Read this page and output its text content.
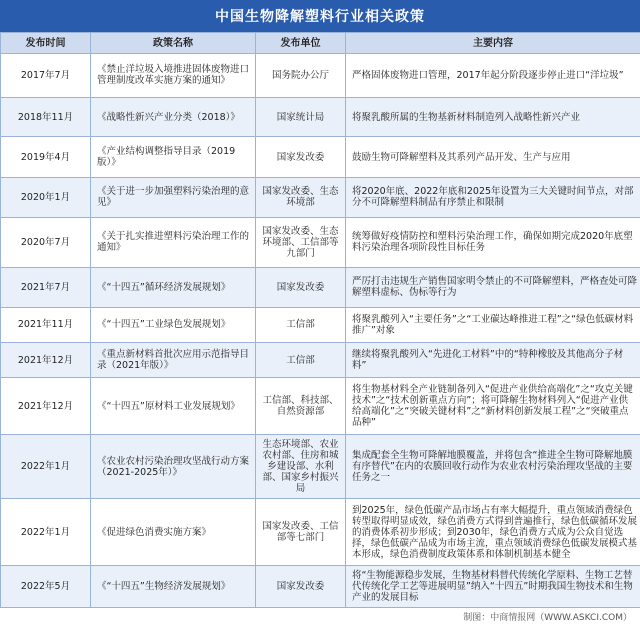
中国生物降解塑料行业相关政策
发布时间	政策名称	发布单位	主要内容
2017年7月	《禁止洋垃圾入境推进固体废物进口管理制度改革实施方案的通知》	国务院办公厅	严格固体废物进口管理，2017年起分阶段逐步停止进口“洋垃圾”
2018年11月	《战略性新兴产业分类（2018）》	国家统计局	将聚乳酸所属的生物基新材料制造列入战略性新兴产业
2019年4月	《产业结构调整指导目录（2019版）》	国家发改委	鼓励生物可降解塑料及其系列产品开发、生产与应用
2020年1月	《关于进一步加强塑料污染治理的意见》	国家发改委、生态环境部	将2020年底、2022年底和2025年设置为三大关键时间节点，对部分不可降解塑料制品有序禁止和限制
2020年7月	《关于扎实推进塑料污染治理工作的通知》	国家发改委、生态环境部、工信部等九部门	统筹做好疫情防控和塑料污染治理工作，确保如期完成2020年底塑料污染治理各项阶段性目标任务
2021年7月	《“十四五”循环经济发展规划》	国家发改委	严厉打击违规生产销售国家明令禁止的不可降解塑料，严格查处可降解塑料虚标、伪标等行为
2021年11月	《“十四五”工业绿色发展规划》	工信部	将聚乳酸列入“主要任务”之“工业碳达峰推进工程”之“绿色低碳材料推广”对象
2021年12月	《重点新材料首批次应用示范指导目录（2021年版）》	工信部	继续将聚乳酸列入“先进化工材料”中的“特种橡胶及其他高分子材料”
2021年12月	《“十四五”原材料工业发展规划》	工信部、科技部、自然资源部	将生物基材料全产业链制备列入“促进产业供给高端化”之“攻克关键技术”之“技术创新重点方向”；将可降解生物材料列入“促进产业供给高端化”之“突破关键材料”之“新材料创新发展工程”之“突破重点品种”
2022年1月	《农业农村污染治理攻坚战行动方案（2021-2025年）》	生态环境部、农业农村部、住房和城乡建设部、水利部、国家乡村振兴局	集成配套全生物可降解地膜覆盖，并将包含“推进全生物可降解地膜有序替代”在内的农膜回收行动作为农业农村污染治理攻坚战的主要任务之一
2022年1月	《促进绿色消费实施方案》	国家发改委、工信部等七部门	到2025年，绿色低碳产品市场占有率大幅提升，重点领域消费绿色转型取得明显成效，绿色消费方式得到普遍推行，绿色低碳循环发展的消费体系初步形成；到2030年，绿色消费方式成为公众自觉选择，绿色低碳产品成为市场主流，重点领域消费绿色低碳发展模式基本形成，绿色消费制度政策体系和体制机制基本健全
2022年5月	《“十四五”生物经济发展规划》	国家发改委	将“生物能源稳步发展，生物基材料替代传统化学原料、生物工艺替代传统化学工艺等进展明显”纳入“十四五”时期我国生物技术和生物产业的发展目标
制图：中商情报网（WWW.ASKCI.COM）
